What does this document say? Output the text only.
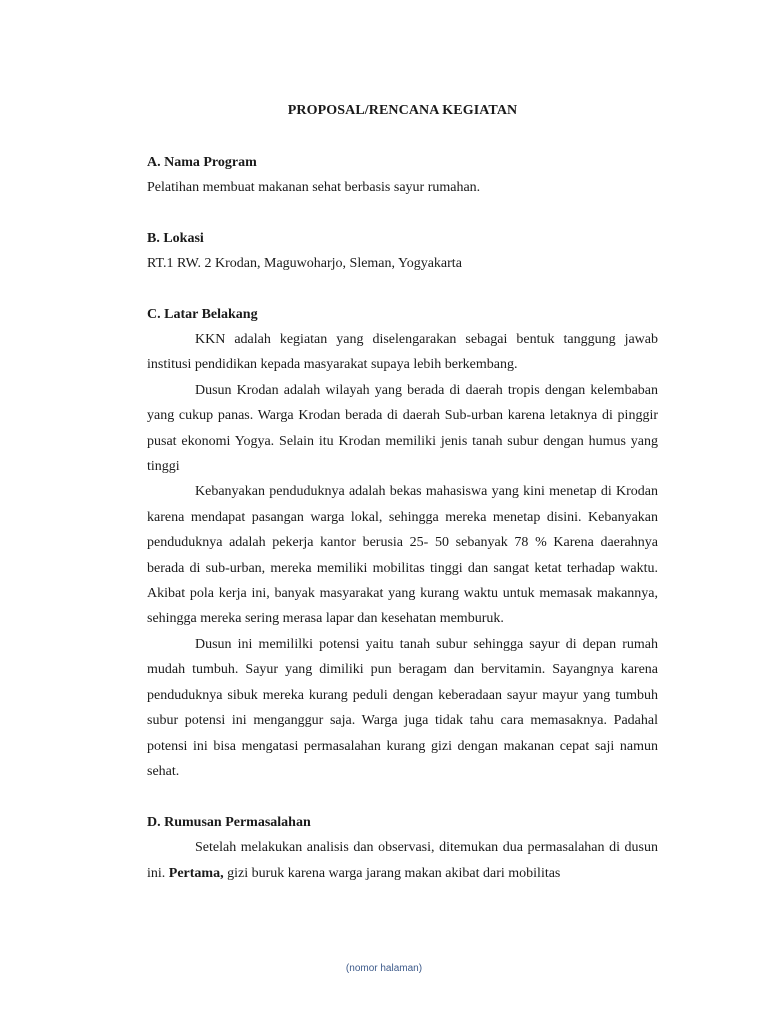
PROPOSAL/RENCANA KEGIATAN

A. Nama Program

Pelatihan membuat makanan sehat berbasis sayur rumahan.

B. Lokasi

RT.1 RW. 2 Krodan, Maguwoharjo, Sleman, Yogyakarta

C. Latar Belakang

KKN adalah kegiatan yang diselengarakan sebagai bentuk tanggung jawab institusi pendidikan kepada masyarakat supaya lebih berkembang.

Dusun Krodan adalah wilayah yang berada di daerah tropis dengan kelembaban yang cukup panas. Warga Krodan berada di daerah Sub-urban karena letaknya di pinggir pusat ekonomi Yogya. Selain itu Krodan memiliki jenis tanah subur dengan humus yang tinggi

Kebanyakan penduduknya adalah bekas mahasiswa yang kini menetap di Krodan karena mendapat pasangan warga lokal, sehingga mereka menetap disini. Kebanyakan penduduknya adalah pekerja kantor berusia 25- 50 sebanyak 78 % Karena daerahnya berada di sub-urban, mereka memiliki mobilitas tinggi dan sangat ketat terhadap waktu. Akibat pola kerja ini, banyak masyarakat yang kurang waktu untuk memasak makannya, sehingga mereka sering merasa lapar dan kesehatan memburuk.

Dusun ini memililki potensi yaitu tanah subur sehingga sayur di depan rumah mudah tumbuh. Sayur yang dimiliki pun beragam dan bervitamin. Sayangnya karena penduduknya sibuk mereka kurang peduli dengan keberadaan sayur mayur yang tumbuh subur potensi ini menganggur saja. Warga juga tidak tahu cara memasaknya. Padahal potensi ini bisa mengatasi permasalahan kurang gizi dengan makanan cepat saji namun sehat.

D. Rumusan Permasalahan

Setelah melakukan analisis dan observasi, ditemukan dua permasalahan di dusun ini. Pertama, gizi buruk karena warga jarang makan akibat dari mobilitas

(nomor halaman)
